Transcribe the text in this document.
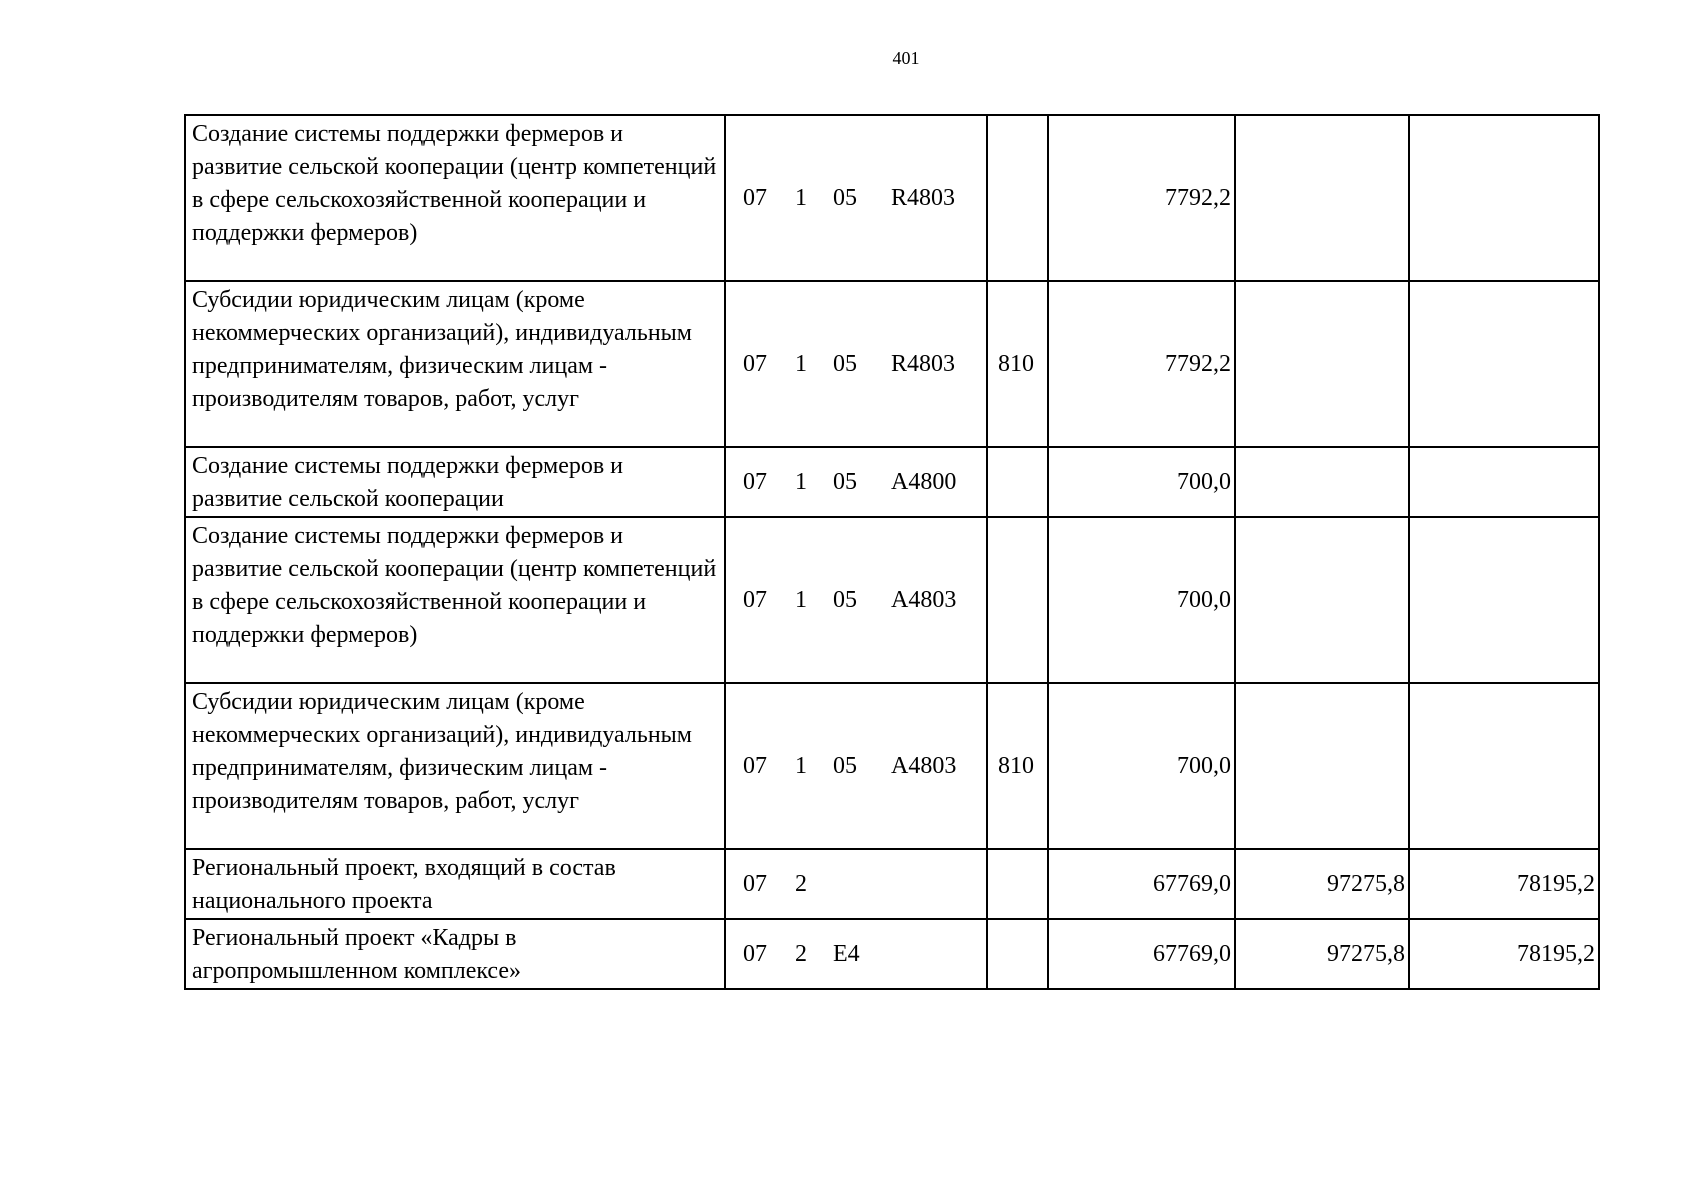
401
Создание системы поддержки фермеров и развитие сельской кооперации (центр компетенций в сфере сельскохозяйственной кооперации и поддержки фермеров)	07 1 05 R4803		7792,2		

Субсидии юридическим лицам (кроме некоммерческих организаций), индивидуальным предпринимателям, физическим лицам - производителям товаров, работ, услуг	07 1 05 R4803	810	7792,2		

Создание системы поддержки фермеров и развитие сельской кооперации	07 1 05 A4800		700,0		

Создание системы поддержки фермеров и развитие сельской кооперации (центр компетенций в сфере сельскохозяйственной кооперации и поддержки фермеров)	07 1 05 A4803		700,0		

Субсидии юридическим лицам (кроме некоммерческих организаций), индивидуальным предпринимателям, физическим лицам - производителям товаров, работ, услуг	07 1 05 A4803	810	700,0		

Региональный проект, входящий в состав национального проекта	07 2		67769,0	97275,8	78195,2

Региональный проект «Кадры в агропромышленном комплексе»	07 2 E4		67769,0	97275,8	78195,2
